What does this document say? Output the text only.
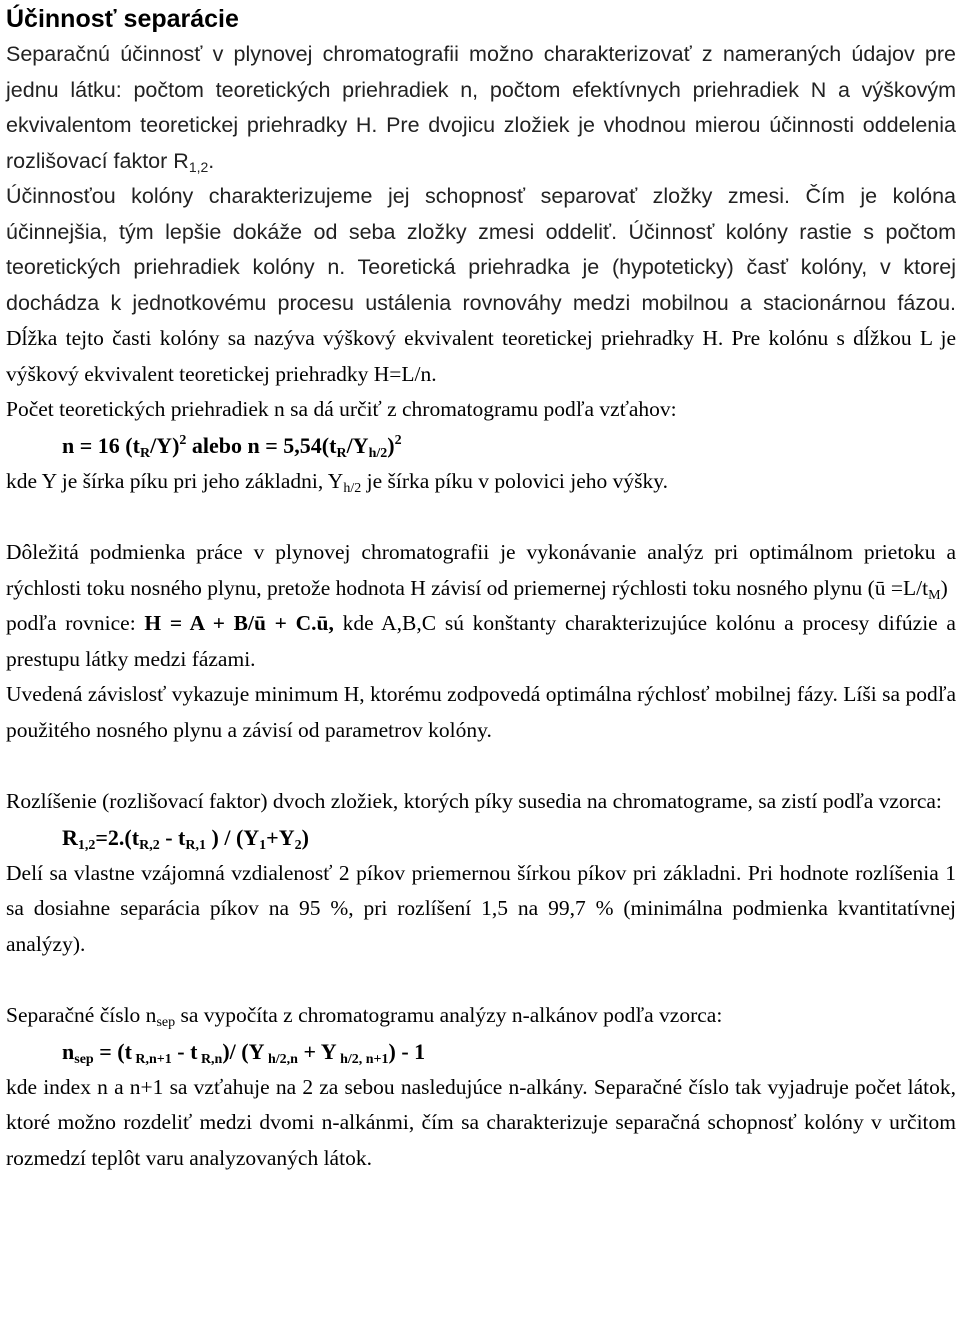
Účinnosť separácie

Separačnú účinnosť v plynovej chromatografii možno charakterizovať z nameraných údajov pre jednu látku: počtom teoretických priehradiek n, počtom efektívnych priehradiek N a výškovým ekvivalentom teoretickej priehradky H. Pre dvojicu zložiek je vhodnou mierou účinnosti oddelenia rozlišovací faktor $R_{1,2}$.

Účinnosťou kolóny charakterizujeme jej schopnosť separovať zložky zmesi. Čím je kolóna účinnejšia, tým lepšie dokáže od seba zložky zmesi oddeliť. Účinnosť kolóny rastie s počtom teoretických priehradiek kolóny n. Teoretická priehradka je (hypoteticky) časť kolóny, v ktorej dochádza k jednotkovému procesu ustálenia rovnováhy medzi mobilnou a stacionárnou fázou. Dĺžka tejto časti kolóny sa nazýva výškový ekvivalent teoretickej priehradky H. Pre kolónu s dĺžkou L je výškový ekvivalent teoretickej priehradky H=L/n.

Počet teoretických priehradiek n sa dá určiť z chromatogramu podľa vzťahov:

n = 16 $(t_R/Y)^2$ alebo $n = 5,54(t_R/Y_{h/2})^2$

kde Y je šírka píku pri jeho základni, $Y_{h/2}$ je šírka píku v polovici jeho výšky.

Dôležitá podmienka práce v plynovej chromatografii je vykonávanie analýz pri optimálnom prietoku a rýchlosti toku nosného plynu, pretože hodnota H závisí od priemernej rýchlosti toku nosného plynu (ū $=L/t_M$)

podľa rovnice: H = A + B/ū + C.ū, kde A,B,C sú konštanty charakterizujúce kolónu a procesy difúzie a prestupu látky medzi fázami.

Uvedená závislosť vykazuje minimum H, ktorému zodpovedá optimálna rýchlosť mobilnej fázy. Líši sa podľa použitého nosného plynu a závisí od parametrov kolóny.

Rozlíšenie (rozlišovací faktor) dvoch zložiek, ktorých píky susedia na chromatograme, sa zistí podľa vzorca:

$R_{1,2}=2.(t_{R,2} - t_{R,1}$ ) / $(Y_1+Y_2)$

Delí sa vlastne vzájomná vzdialenosť 2 píkov priemernou šírkou píkov pri základni. Pri hodnote rozlíšenia 1 sa dosiahne separácia píkov na 95 %, pri rozlíšení 1,5 na 99,7 % (minimálna podmienka kvantitatívnej analýzy).

Separačné číslo $n_{sep}$ sa vypočíta z chromatogramu analýzy n-alkánov podľa vzorca:

$n_{sep} = (t$ $_{R,n+1}$ - t $_{R,n}$)/ (Y $_{h/2,n}$ + Y $_{h/2, n+1}$) - 1

kde index n a n+1 sa vzťahuje na 2 za sebou nasledujúce n-alkány. Separačné číslo tak vyjadruje počet látok, ktoré možno rozdeliť medzi dvomi n-alkánmi, čím sa charakterizuje separačná schopnosť kolóny v určitom rozmedzí teplôt varu analyzovaných látok.
